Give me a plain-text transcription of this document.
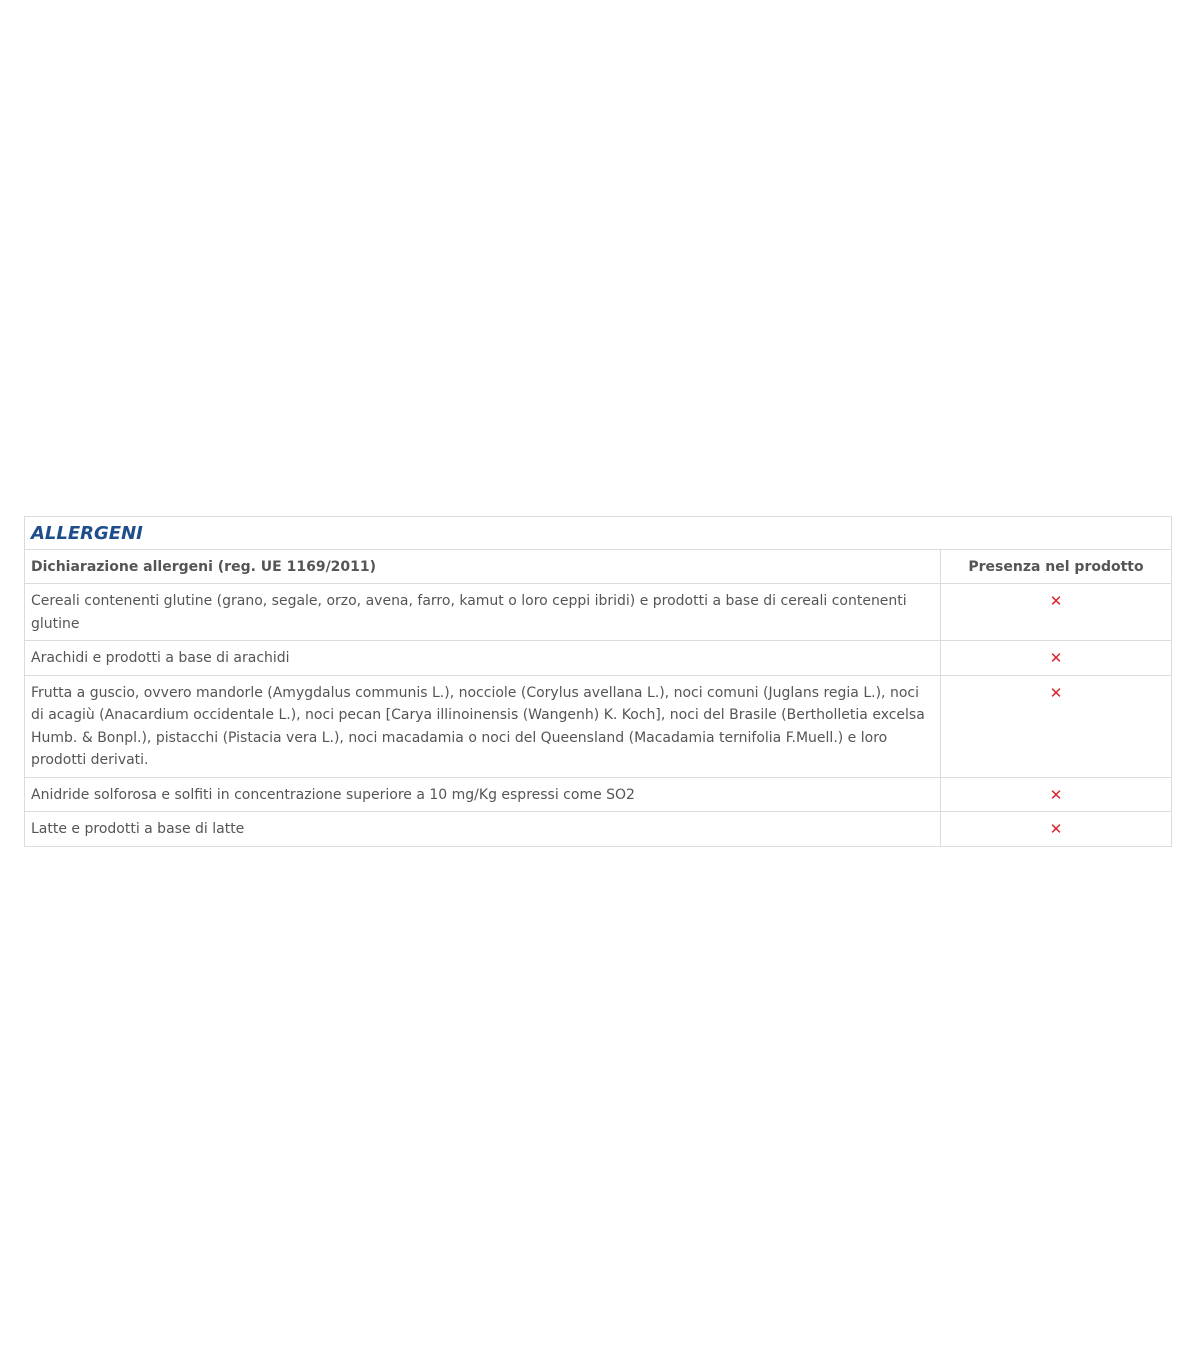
ALLERGENI	
Dichiarazione allergeni (reg. UE 1169/2011)	Presenza nel prodotto
Cereali contenenti glutine (grano, segale, orzo, avena, farro, kamut o loro ceppi ibridi) e prodotti a base di cereali contenenti glutine	✕
Arachidi e prodotti a base di arachidi	✕
Frutta a guscio, ovvero mandorle (Amygdalus communis L.), nocciole (Corylus avellana L.), noci comuni (Juglans regia L.), noci di acagiù (Anacardium occidentale L.), noci pecan [Carya illinoinensis (Wangenh) K. Koch], noci del Brasile (Bertholletia excelsa Humb. & Bonpl.), pistacchi (Pistacia vera L.), noci macadamia o noci del Queensland (Macadamia ternifolia F.Muell.) e loro prodotti derivati.	✕
Anidride solforosa e solfiti in concentrazione superiore a 10 mg/Kg espressi come SO2	✕
Latte e prodotti a base di latte	✕
